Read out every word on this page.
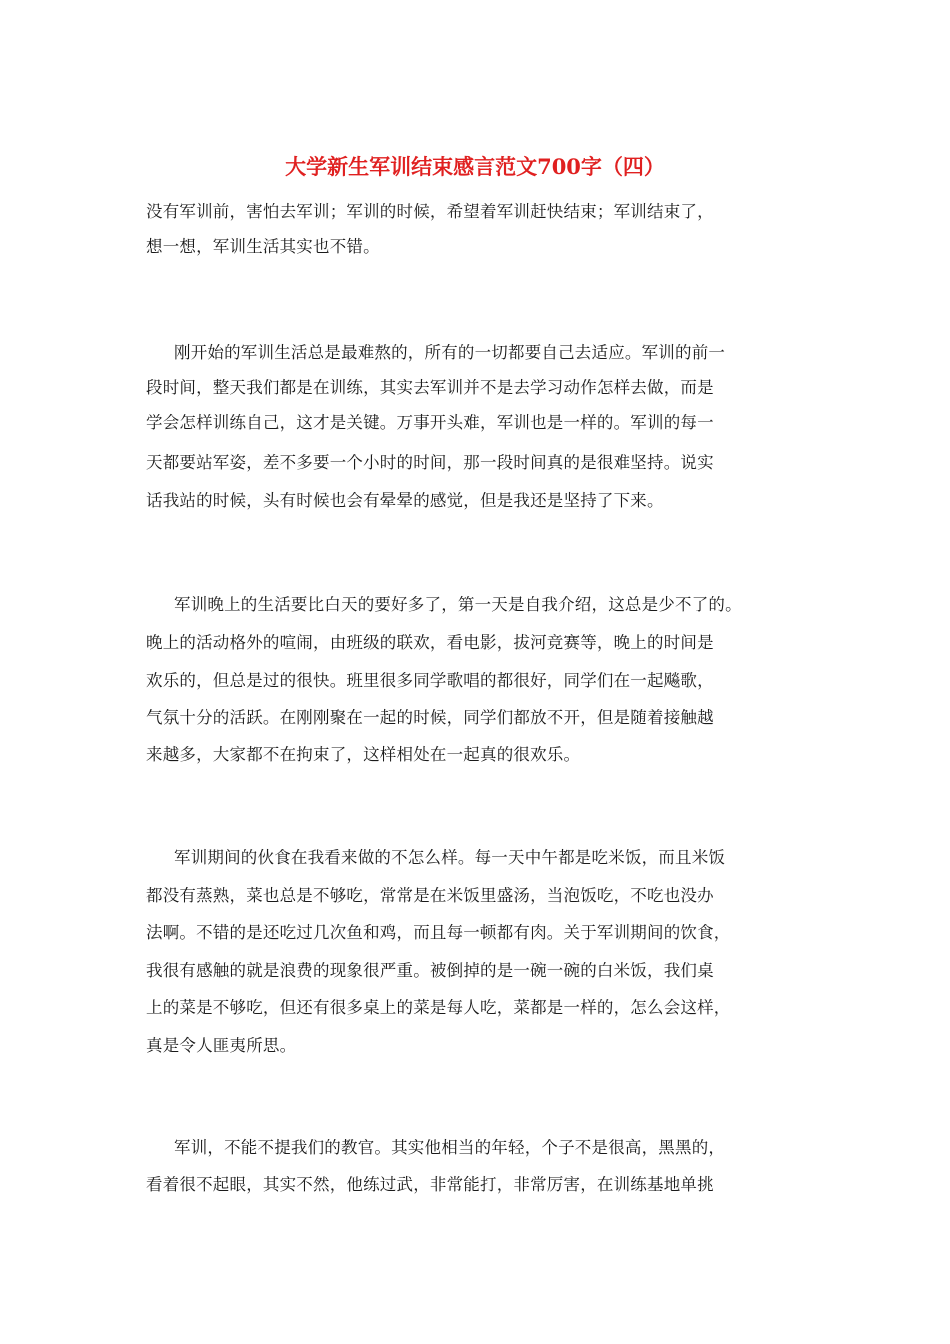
大学新生军训结束感言范文700字（四）
没有军训前，害怕去军训；军训的时候，希望着军训赶快结束；军训结束了，
想一想，军训生活其实也不错。
刚开始的军训生活总是最难熬的，所有的一切都要自己去适应。军训的前一
段时间，整天我们都是在训练，其实去军训并不是去学习动作怎样去做，而是
学会怎样训练自己，这才是关键。万事开头难，军训也是一样的。军训的每一
天都要站军姿，差不多要一个小时的时间，那一段时间真的是很难坚持。说实
话我站的时候，头有时候也会有晕晕的感觉，但是我还是坚持了下来。
军训晚上的生活要比白天的要好多了，第一天是自我介绍，这总是少不了的。
晚上的活动格外的喧闹，由班级的联欢，看电影，拔河竞赛等，晚上的时间是
欢乐的，但总是过的很快。班里很多同学歌唱的都很好，同学们在一起飚歌，
气氛十分的活跃。在刚刚聚在一起的时候，同学们都放不开，但是随着接触越
来越多，大家都不在拘束了，这样相处在一起真的很欢乐。
军训期间的伙食在我看来做的不怎么样。每一天中午都是吃米饭，而且米饭
都没有蒸熟，菜也总是不够吃，常常是在米饭里盛汤，当泡饭吃，不吃也没办
法啊。不错的是还吃过几次鱼和鸡，而且每一顿都有肉。关于军训期间的饮食，
我很有感触的就是浪费的现象很严重。被倒掉的是一碗一碗的白米饭，我们桌
上的菜是不够吃，但还有很多桌上的菜是每人吃，菜都是一样的，怎么会这样，
真是令人匪夷所思。
军训，不能不提我们的教官。其实他相当的年轻，个子不是很高，黑黑的，
看着很不起眼，其实不然，他练过武，非常能打，非常厉害，在训练基地单挑
